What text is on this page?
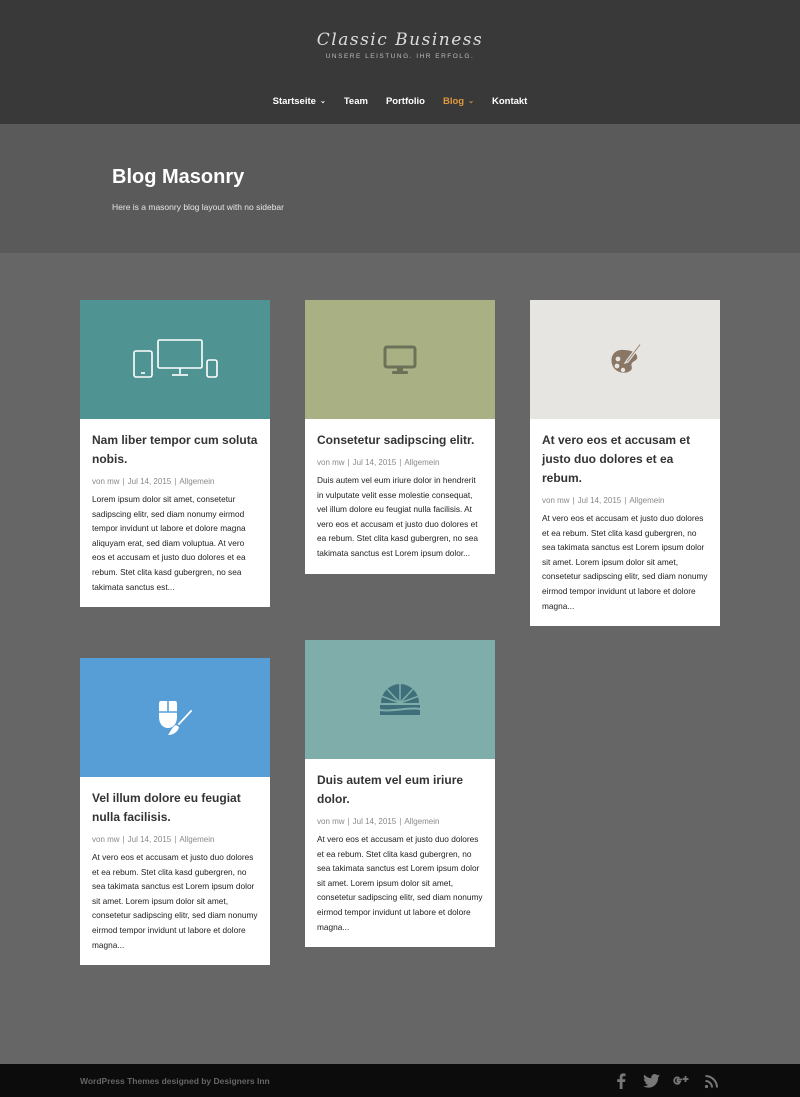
Classic Business
UNSERE LEISTUNG. IHR ERFOLG.
Startseite ⌄ Team Portfolio Blog ⌄ Kontakt
Blog Masonry

Here is a masonry blog layout with no sidebar

Nam liber tempor cum soluta nobis.
von mw | Jul 14, 2015 | Allgemein

Lorem ipsum dolor sit amet, consetetur sadipscing elitr, sed diam nonumy eirmod tempor invidunt ut labore et dolore magna aliquyam erat, sed diam voluptua. At vero eos et accusam et justo duo dolores et ea rebum. Stet clita kasd gubergren, no sea takimata sanctus est...

Consetetur sadipscing elitr.
von mw | Jul 14, 2015 | Allgemein

Duis autem vel eum iriure dolor in hendrerit in vulputate velit esse molestie consequat, vel illum dolore eu feugiat nulla facilisis. At vero eos et accusam et justo duo dolores et ea rebum. Stet clita kasd gubergren, no sea takimata sanctus est Lorem ipsum dolor...

At vero eos et accusam et justo duo dolores et ea rebum.
von mw | Jul 14, 2015 | Allgemein

At vero eos et accusam et justo duo dolores et ea rebum. Stet clita kasd gubergren, no sea takimata sanctus est Lorem ipsum dolor sit amet. Lorem ipsum dolor sit amet, consetetur sadipscing elitr, sed diam nonumy eirmod tempor invidunt ut labore et dolore magna...

Vel illum dolore eu feugiat nulla facilisis.
von mw | Jul 14, 2015 | Allgemein

At vero eos et accusam et justo duo dolores et ea rebum. Stet clita kasd gubergren, no sea takimata sanctus est Lorem ipsum dolor sit amet. Lorem ipsum dolor sit amet, consetetur sadipscing elitr, sed diam nonumy eirmod tempor invidunt ut labore et dolore magna...

Duis autem vel eum iriure dolor.
von mw | Jul 14, 2015 | Allgemein

At vero eos et accusam et justo duo dolores et ea rebum. Stet clita kasd gubergren, no sea takimata sanctus est Lorem ipsum dolor sit amet. Lorem ipsum dolor sit amet, consetetur sadipscing elitr, sed diam nonumy eirmod tempor invidunt ut labore et dolore magna...

WordPress Themes designed by Designers Inn
